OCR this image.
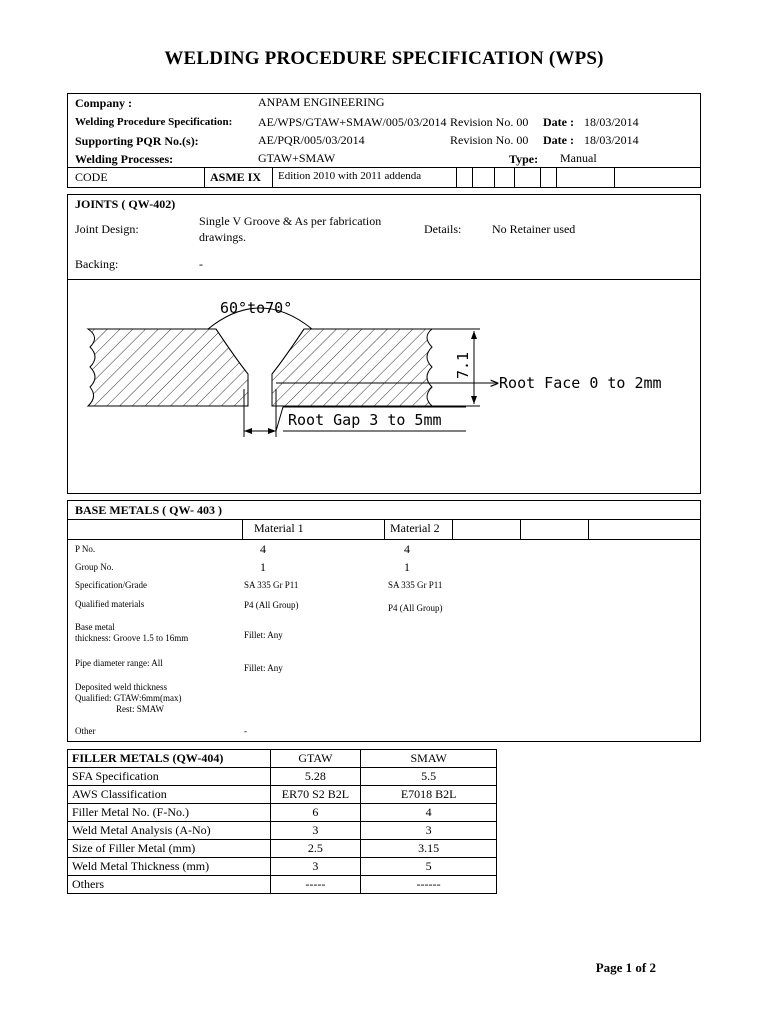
WELDING PROCEDURE SPECIFICATION (WPS)
Company :	ANPAM ENGINEERING
Welding Procedure Specification: AE/WPS/GTAW+SMAW/005/03/2014 Revision No. 00 Date : 18/03/2014
Supporting PQR No.(s):	AE/PQR/005/03/2014	Revision No. 00 Date : 18/03/2014
Welding Processes:	GTAW+SMAW	Type: Manual
CODE	ASME IX Edition 2010 with 2011 addenda
JOINTS ( QW-402)
Joint Design:
Single V Groove & As per fabrication
drawings.
Details:	No Retainer used
Backing:	-
7.1
60°to70°
>Root Face 0 to 2mm
Root Gap 3 to 5mm
BASE METALS ( QW- 403 )
Material 1	Material 2
P No.	4	4
Group No.	1	1
Specification/Grade	SA 335 Gr P11	SA 335 Gr P11
Qualified materials	P4 (All Group)	P4 (All Group)
Base metal
thickness: Groove 1.5 to 16mm	Fillet: Any
Pipe diameter range: All	Fillet: Any
Deposited weld thickness
Qualified: GTAW:6mm(max)
Rest: SMAW
Other	-
FILLER METALS (QW-404)	GTAW	SMAW
SFA Specification	5.28	5.5
AWS Classification	ER70 S2 B2L	E7018 B2L
Filler Metal No. (F-No.)	6	4
Weld Metal Analysis (A-No)	3	3
Size of Filler Metal (mm)	2.5	3.15
Weld Metal Thickness (mm)	3	5
Others	-----	------
Page 1 of 2
